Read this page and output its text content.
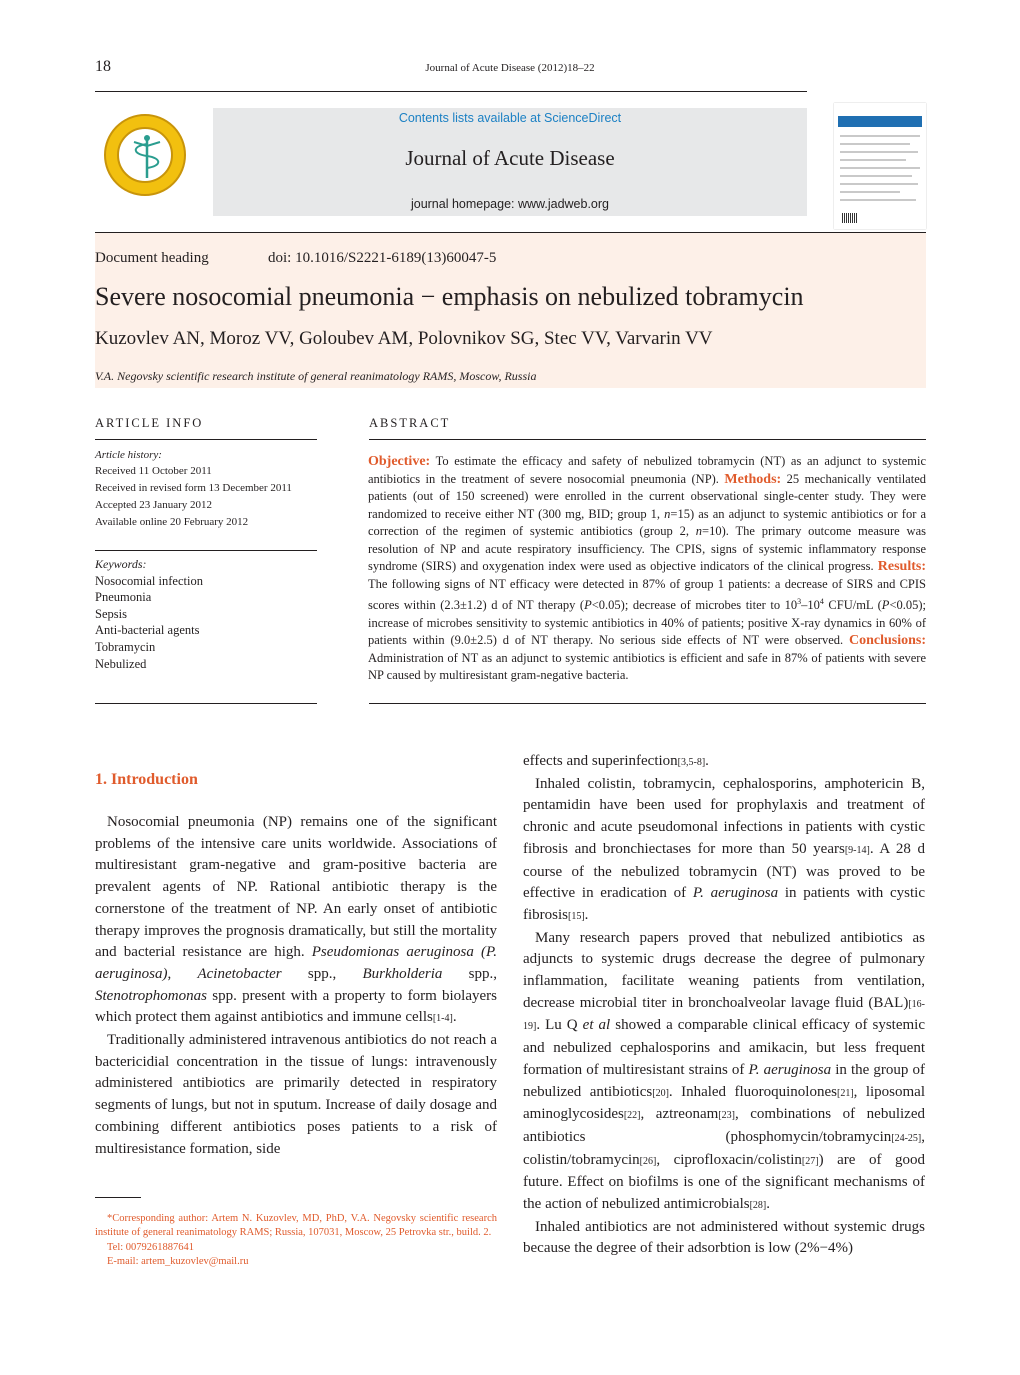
18	Journal of Acute Disease (2012)18–22
Contents lists available at ScienceDirect
Journal of Acute Disease
journal homepage: www.jadweb.org
Document heading	doi: 10.1016/S2221-6189(13)60047-5
Severe nosocomial pneumonia − emphasis on nebulized tobramycin
Kuzovlev AN, Moroz VV, Goloubev AM, Polovnikov SG, Stec VV, Varvarin VV
V.A. Negovsky scientific research institute of general reanimatology RAMS, Moscow, Russia
ARTICLE INFO	ABSTRACT
Article history:
Received 11 October 2011
Received in revised form 13 December 2011
Accepted 23 January 2012
Available online 20 February 2012
Keywords:
Nosocomial infection
Pneumonia
Sepsis
Anti-bacterial agents
Tobramycin
Nebulized
Objective: To estimate the efficacy and safety of nebulized tobramycin (NT) as an adjunct to systemic antibiotics in the treatment of severe nosocomial pneumonia (NP). Methods: 25 mechanically ventilated patients (out of 150 screened) were enrolled in the current observational single-center study. They were randomized to receive either NT (300 mg, BID; group 1, n=15) as an adjunct to systemic antibiotics or for a correction of the regimen of systemic antibiotics (group 2, n=10). The primary outcome measure was resolution of NP and acute respiratory insufficiency. The CPIS, signs of systemic inflammatory response syndrome (SIRS) and oxygenation index were used as objective indicators of the clinical progress. Results: The following signs of NT efficacy were detected in 87% of group 1 patients: a decrease of SIRS and CPIS scores within (2.3±1.2) d of NT therapy (P<0.05); decrease of microbes titer to $10^3-10^4$ CFU/mL (P<0.05); increase of microbes sensitivity to systemic antibiotics in 40% of patients; positive X-ray dynamics in 60% of patients within (9.0±2.5) d of NT therapy. No serious side effects of NT were observed. Conclusions: Administration of NT as an adjunct to systemic antibiotics is efficient and safe in 87% of patients with severe NP caused by multiresistant gram-negative bacteria.
1. Introduction

Nosocomial pneumonia (NP) remains one of the significant problems of the intensive care units worldwide. Associations of multiresistant gram-negative and gram-positive bacteria are prevalent agents of NP. Rational antibiotic therapy is the cornerstone of the treatment of NP. An early onset of antibiotic therapy improves the prognosis dramatically, but still the mortality and bacterial resistance are high. Pseudomionas aeruginosa (P. aeruginosa), Acinetobacter spp., Burkholderia spp., Stenotrophomonas spp. present with a property to form biolayers which protect them against antibiotics and immune cells[1-4].

Traditionally administered intravenous antibiotics do not reach a bactericidial concentration in the tissue of lungs: intravenously administered antibiotics are primarily detected in respiratory segments of lungs, but not in sputum. Increase of daily dosage and combining different antibiotics poses patients to a risk of multiresistance formation, side

effects and superinfection[3,5-8].

Inhaled colistin, tobramycin, cephalosporins, amphotericin B, pentamidin have been used for prophylaxis and treatment of chronic and acute pseudomonal infections in patients with cystic fibrosis and bronchiectases for more than 50 years[9-14]. A 28 d course of the nebulized tobramycin (NT) was proved to be effective in eradication of P. aeruginosa in patients with cystic fibrosis[15].

Many research papers proved that nebulized antibiotics as adjuncts to systemic drugs decrease the degree of pulmonary inflammation, facilitate weaning patients from ventilation, decrease microbial titer in bronchoalveolar lavage fluid (BAL)[16-19]. Lu Q et al showed a comparable clinical efficacy of systemic and nebulized cephalosporins and amikacin, but less frequent formation of multiresistant strains of P. aeruginosa in the group of nebulized antibiotics[20]. Inhaled fluoroquinolones[21], liposomal aminoglycosides[22], aztreonam[23], combinations of nebulized antibiotics (phosphomycin/tobramycin[24-25], colistin/tobramycin[26], ciprofloxacin/colistin[27]) are of good future. Effect on biofilms is one of the significant mechanisms of the action of nebulized antimicrobials[28].

Inhaled antibiotics are not administered without systemic drugs because the degree of their adsorbtion is low (2%−4%)

*Corresponding author: Artem N. Kuzovlev, MD, PhD, V.A. Negovsky scientific research institute of general reanimatology RAMS; Russia, 107031, Moscow, 25 Petrovka str., build. 2.
Tel: 0079261887641
E-mail: artem_kuzovlev@mail.ru
